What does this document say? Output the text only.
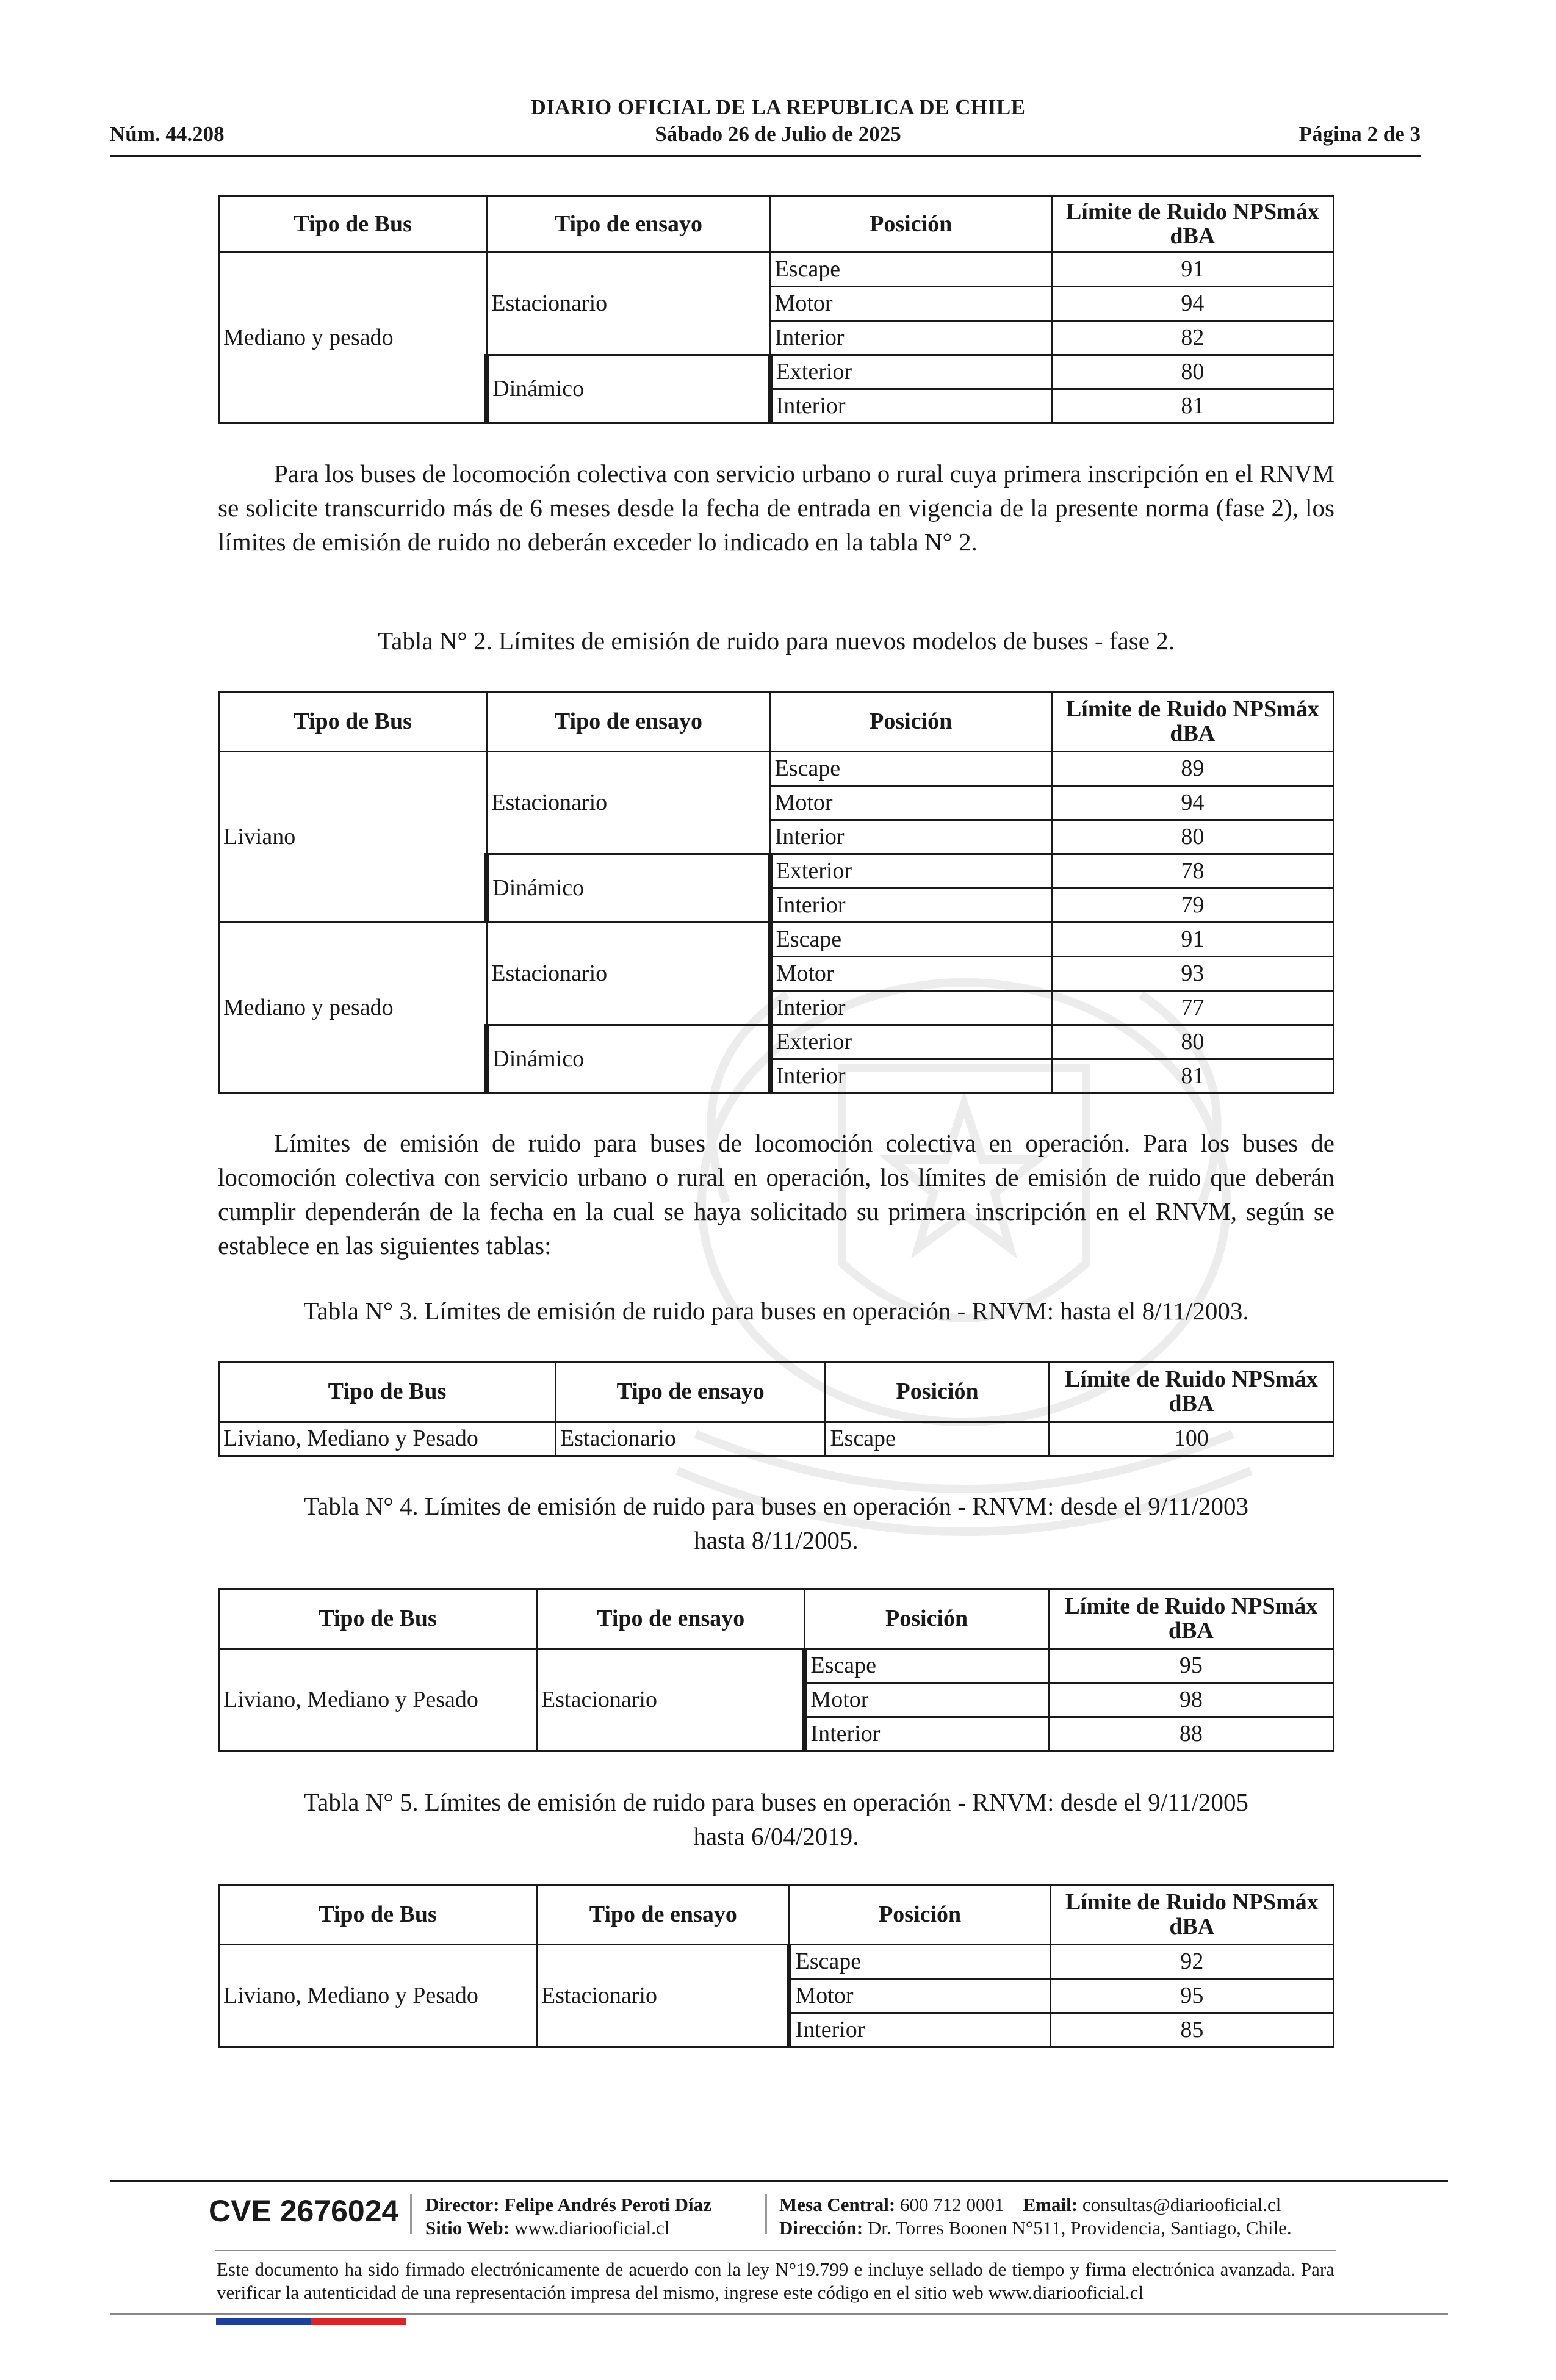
DIARIO OFICIAL DE LA REPUBLICA DE CHILE
Núm. 44.208	Sábado 26 de Julio de 2025	Página 2 de 3
Tipo de Bus	Tipo de ensayo	Posición	Límite de Ruido NPSmáx
dBA
Mediano y pesado	Estacionario	Escape	91
		Motor	94
		Interior	82
	Dinámico	Exterior	80
		Interior	81
Para los buses de locomoción colectiva con servicio urbano o rural cuya primera inscripción en el RNVM se solicite transcurrido más de 6 meses desde la fecha de entrada en vigencia de la presente norma (fase 2), los límites de emisión de ruido no deberán exceder lo indicado en la tabla N° 2.
Tabla N° 2. Límites de emisión de ruido para nuevos modelos de buses - fase 2.
Tipo de Bus	Tipo de ensayo	Posición	Límite de Ruido NPSmáx
dBA
Liviano	Estacionario	Escape	89
		Motor	94
		Interior	80
	Dinámico	Exterior	78
		Interior	79
Mediano y pesado	Estacionario	Escape	91
		Motor	93
		Interior	77
	Dinámico	Exterior	80
		Interior	81
Límites de emisión de ruido para buses de locomoción colectiva en operación. Para los buses de locomoción colectiva con servicio urbano o rural en operación, los límites de emisión de ruido que deberán cumplir dependerán de la fecha en la cual se haya solicitado su primera inscripción en el RNVM, según se establece en las siguientes tablas:
Tabla N° 3. Límites de emisión de ruido para buses en operación - RNVM: hasta el 8/11/2003.
Tipo de Bus	Tipo de ensayo	Posición	Límite de Ruido NPSmáx
dBA
Liviano, Mediano y Pesado	Estacionario	Escape	100
Tabla N° 4. Límites de emisión de ruido para buses en operación - RNVM: desde el 9/11/2003
hasta 8/11/2005.
Tipo de Bus	Tipo de ensayo	Posición	Límite de Ruido NPSmáx
dBA
Liviano, Mediano y Pesado	Estacionario	Escape	95
		Motor	98
		Interior	88
Tabla N° 5. Límites de emisión de ruido para buses en operación - RNVM: desde el 9/11/2005
hasta 6/04/2019.
Tipo de Bus	Tipo de ensayo	Posición	Límite de Ruido NPSmáx
dBA
Liviano, Mediano y Pesado	Estacionario	Escape	92
		Motor	95
		Interior	85
CVE 2676024 Director: Felipe Andrés Peroti Díaz
Sitio Web: www.diariooficial.cl
Mesa Central: 600 712 0001 Email: consultas@diariooficial.cl
Dirección: Dr. Torres Boonen N°511, Providencia, Santiago, Chile.
Este documento ha sido firmado electrónicamente de acuerdo con la ley N°19.799 e incluye sellado de tiempo y firma electrónica avanzada. Para verificar la autenticidad de una representación impresa del mismo, ingrese este código en el sitio web www.diariooficial.cl
